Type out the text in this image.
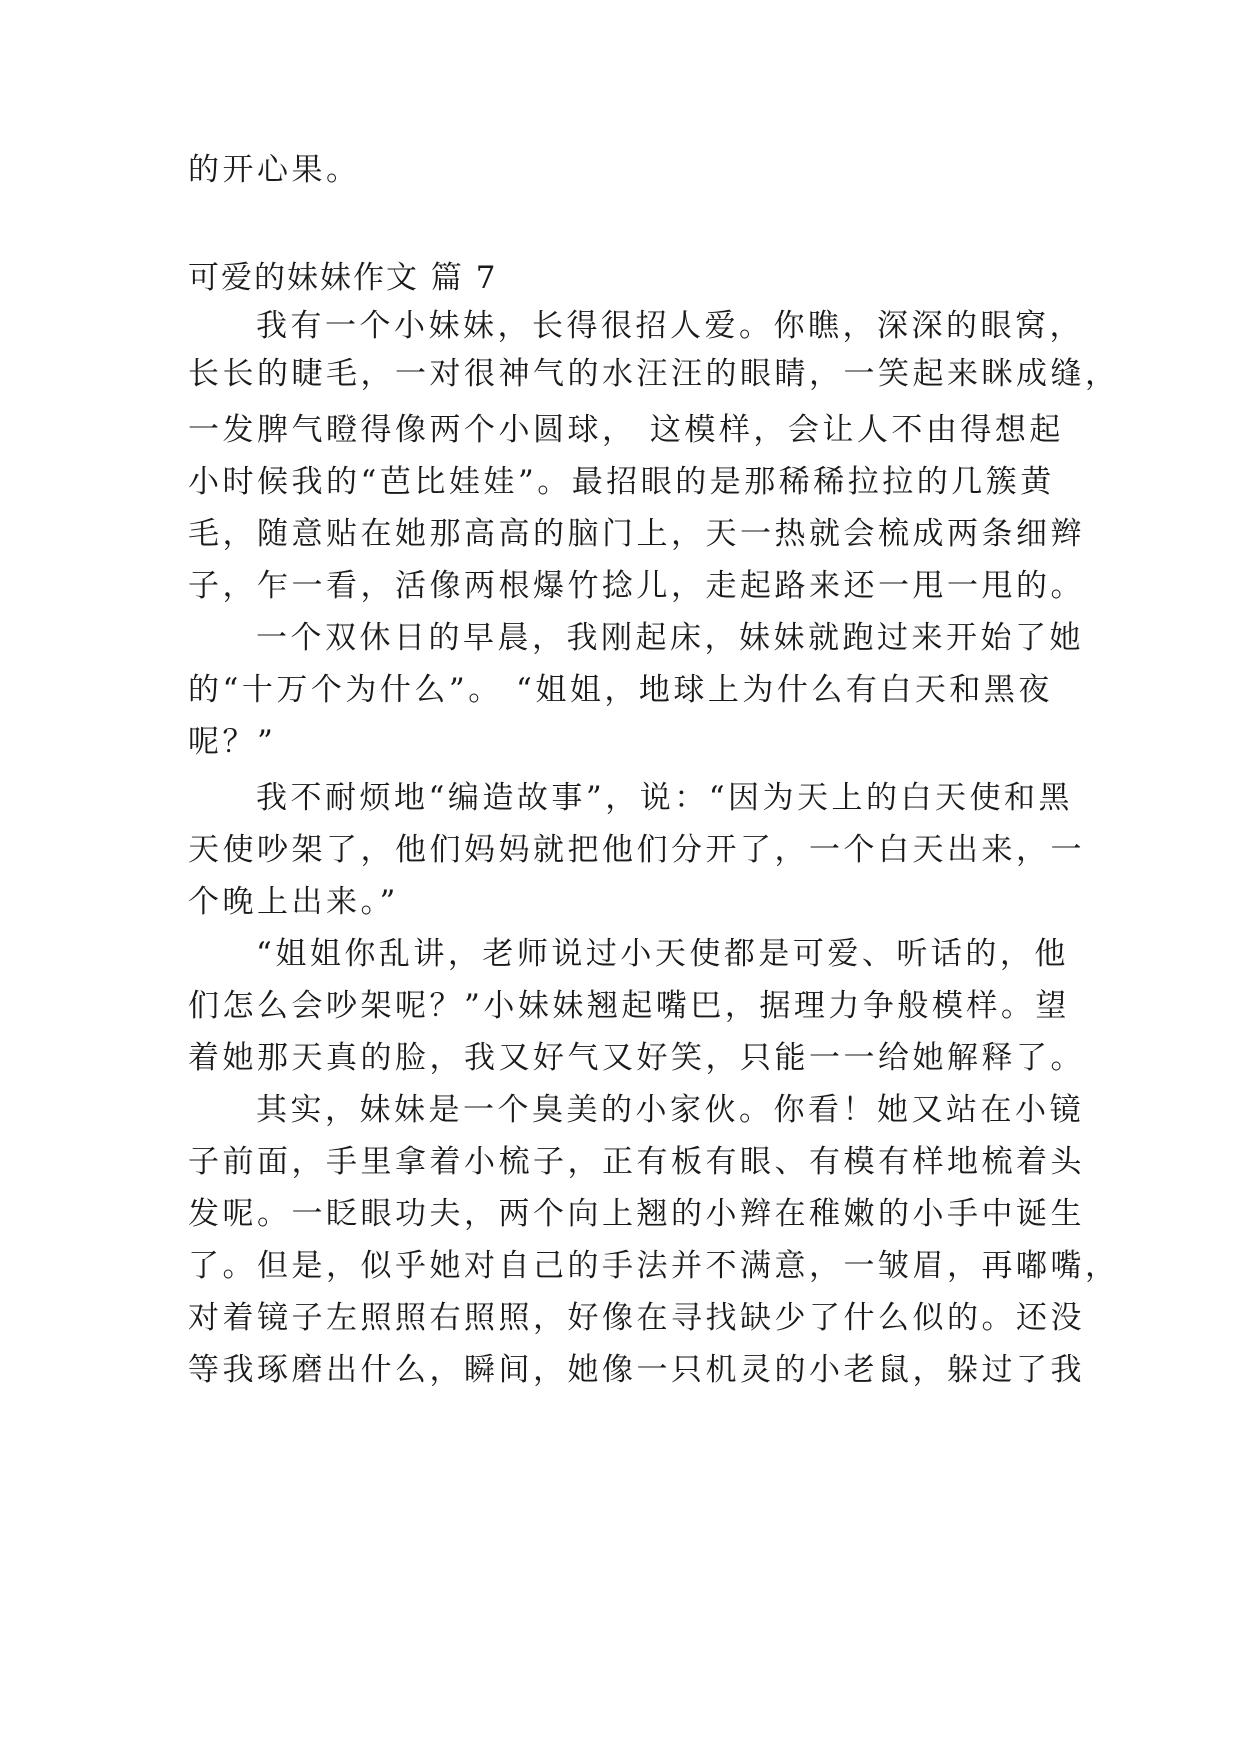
的开心果。
可爱的妹妹作文 篇 7
我有一个小妹妹，长得很招人爱。你瞧，深深的眼窝，
长长的睫毛，一对很神气的水汪汪的眼睛，一笑起来眯成缝，
一发脾气瞪得像两个小圆球， 这模样，会让人不由得想起
小时候我的“芭比娃娃”。最招眼的是那稀稀拉拉的几簇黄
毛，随意贴在她那高高的脑门上，天一热就会梳成两条细辫
子，乍一看，活像两根爆竹捻儿，走起路来还一甩一甩的。
一个双休日的早晨，我刚起床，妹妹就跑过来开始了她
的“十万个为什么”。 “姐姐，地球上为什么有白天和黑夜
呢？”
我不耐烦地“编造故事”，说：“因为天上的白天使和黑
天使吵架了，他们妈妈就把他们分开了，一个白天出来，一
个晚上出来。”
“姐姐你乱讲，老师说过小天使都是可爱、听话的，他
们怎么会吵架呢？”小妹妹翘起嘴巴，据理力争般模样。望
着她那天真的脸，我又好气又好笑，只能一一给她解释了。
其实，妹妹是一个臭美的小家伙。你看！她又站在小镜
子前面，手里拿着小梳子，正有板有眼、有模有样地梳着头
发呢。一眨眼功夫，两个向上翘的小辫在稚嫩的小手中诞生
了。但是，似乎她对自己的手法并不满意，一皱眉，再嘟嘴，
对着镜子左照照右照照，好像在寻找缺少了什么似的。还没
等我琢磨出什么，瞬间，她像一只机灵的小老鼠，躲过了我
